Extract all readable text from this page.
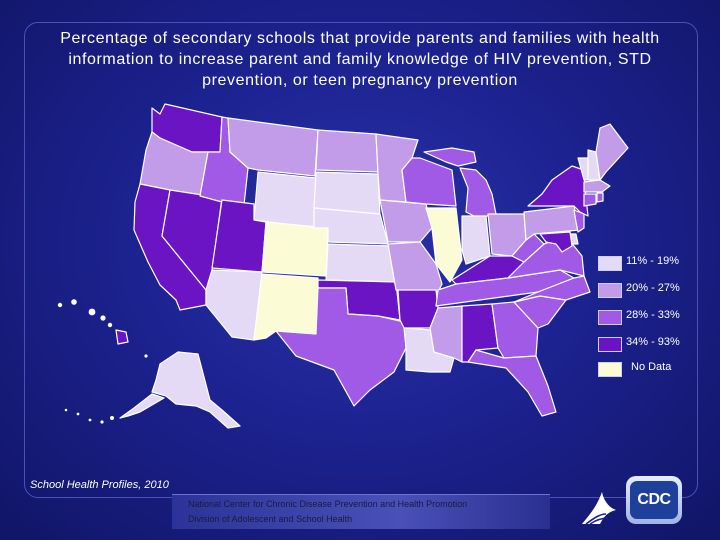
Percentage of secondary schools that provide parents and families with health
information to increase parent and family knowledge of HIV prevention, STD
prevention, or teen pregnancy prevention
11% - 19%
20% - 27%
28% - 33%
34% - 93%
No Data
School Health Profiles, 2010
National Center for Chronic Disease Prevention and Health Promotion
Division of Adolescent and School Health
CDC
